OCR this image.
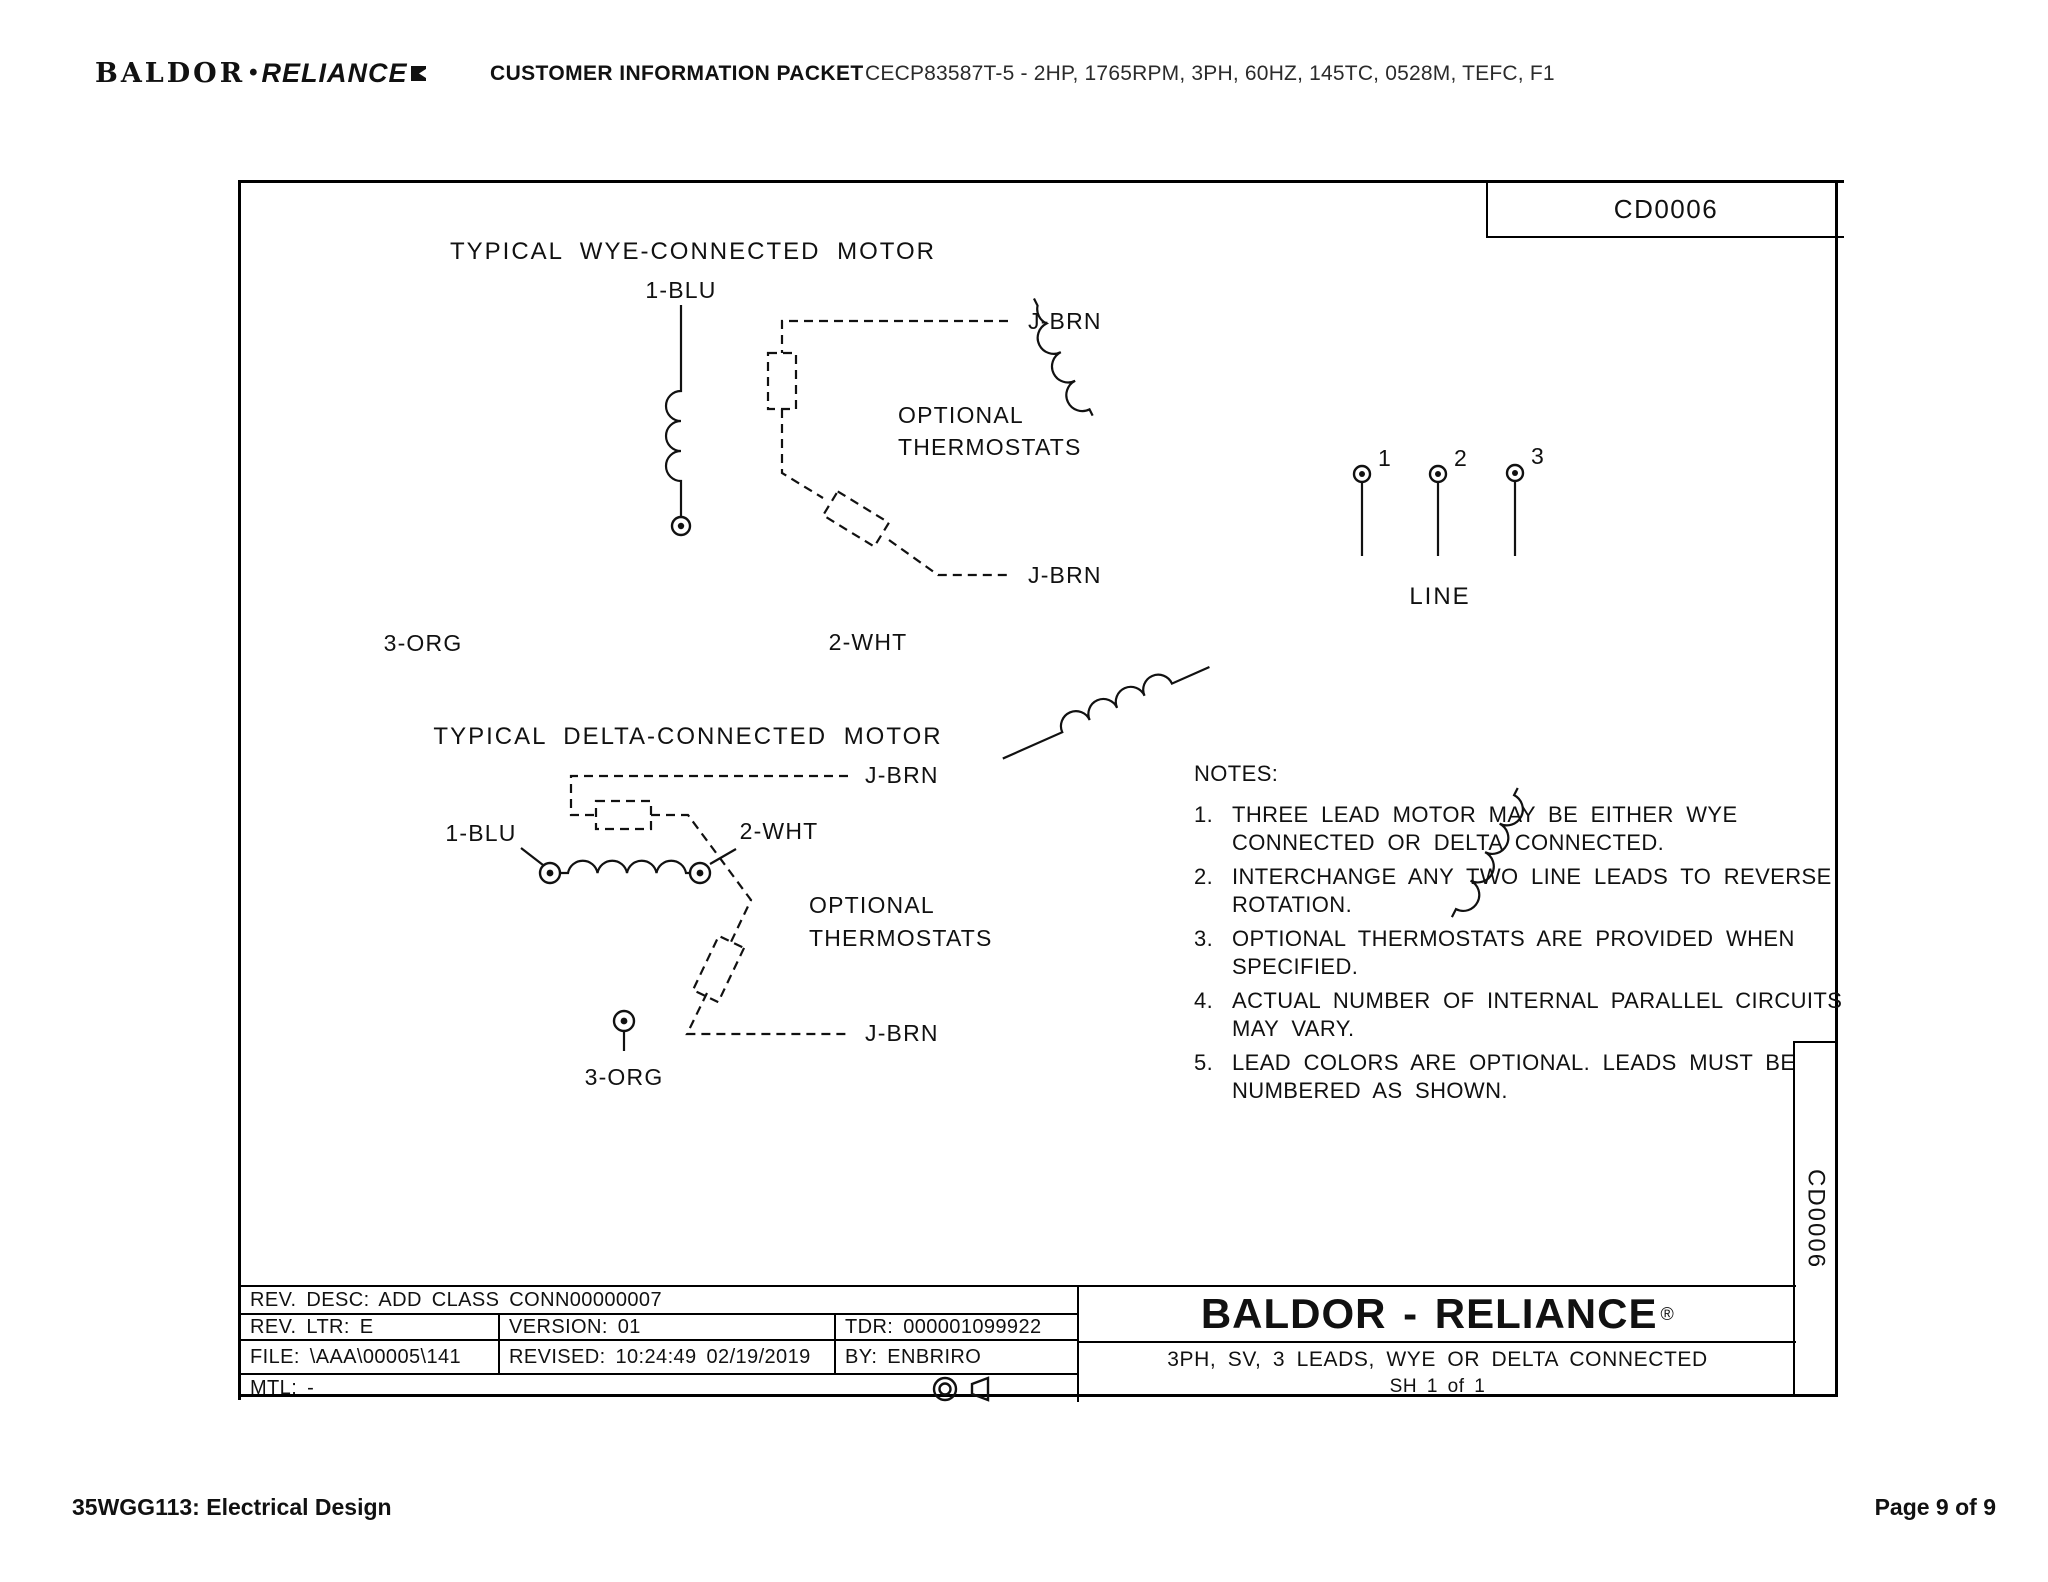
BALDOR • RELIANCE	CUSTOMER INFORMATION PACKET CECP83587T-5 - 2HP, 1765RPM, 3PH, 60HZ, 145TC, 0528M, TEFC, F1
CD0006
TYPICAL WYE-CONNECTED MOTOR
1-BLU
3-ORG	2-WHT
J-BRN
J-BRN
OPTIONAL
THERMOSTATS
TYPICAL DELTA-CONNECTED MOTOR
1-BLU	2-WHT
3-ORG
J-BRN
J-BRN
OPTIONAL
THERMOSTATS
1	2	3
LINE
NOTES:
1. THREE LEAD MOTOR MAY BE EITHER WYE
CONNECTED OR DELTA CONNECTED.
2. INTERCHANGE ANY TWO LINE LEADS TO REVERSE
ROTATION.
3. OPTIONAL THERMOSTATS ARE PROVIDED WHEN
SPECIFIED.
4. ACTUAL NUMBER OF INTERNAL PARALLEL CIRCUITS
MAY VARY.
5. LEAD COLORS ARE OPTIONAL. LEADS MUST BE
NUMBERED AS SHOWN.
REV. DESC: ADD CLASS CONN00000007
REV. LTR: E	VERSION: 01	TDR: 000001099922
FILE: \AAA\00005\141	REVISED: 10:24:49 02/19/2019	BY: ENBRIRO
MTL: -
BALDOR - RELIANCE ®
3PH, SV, 3 LEADS, WYE OR DELTA CONNECTED
SH 1 of 1
CD0006
35WGG113: Electrical Design	Page 9 of 9
